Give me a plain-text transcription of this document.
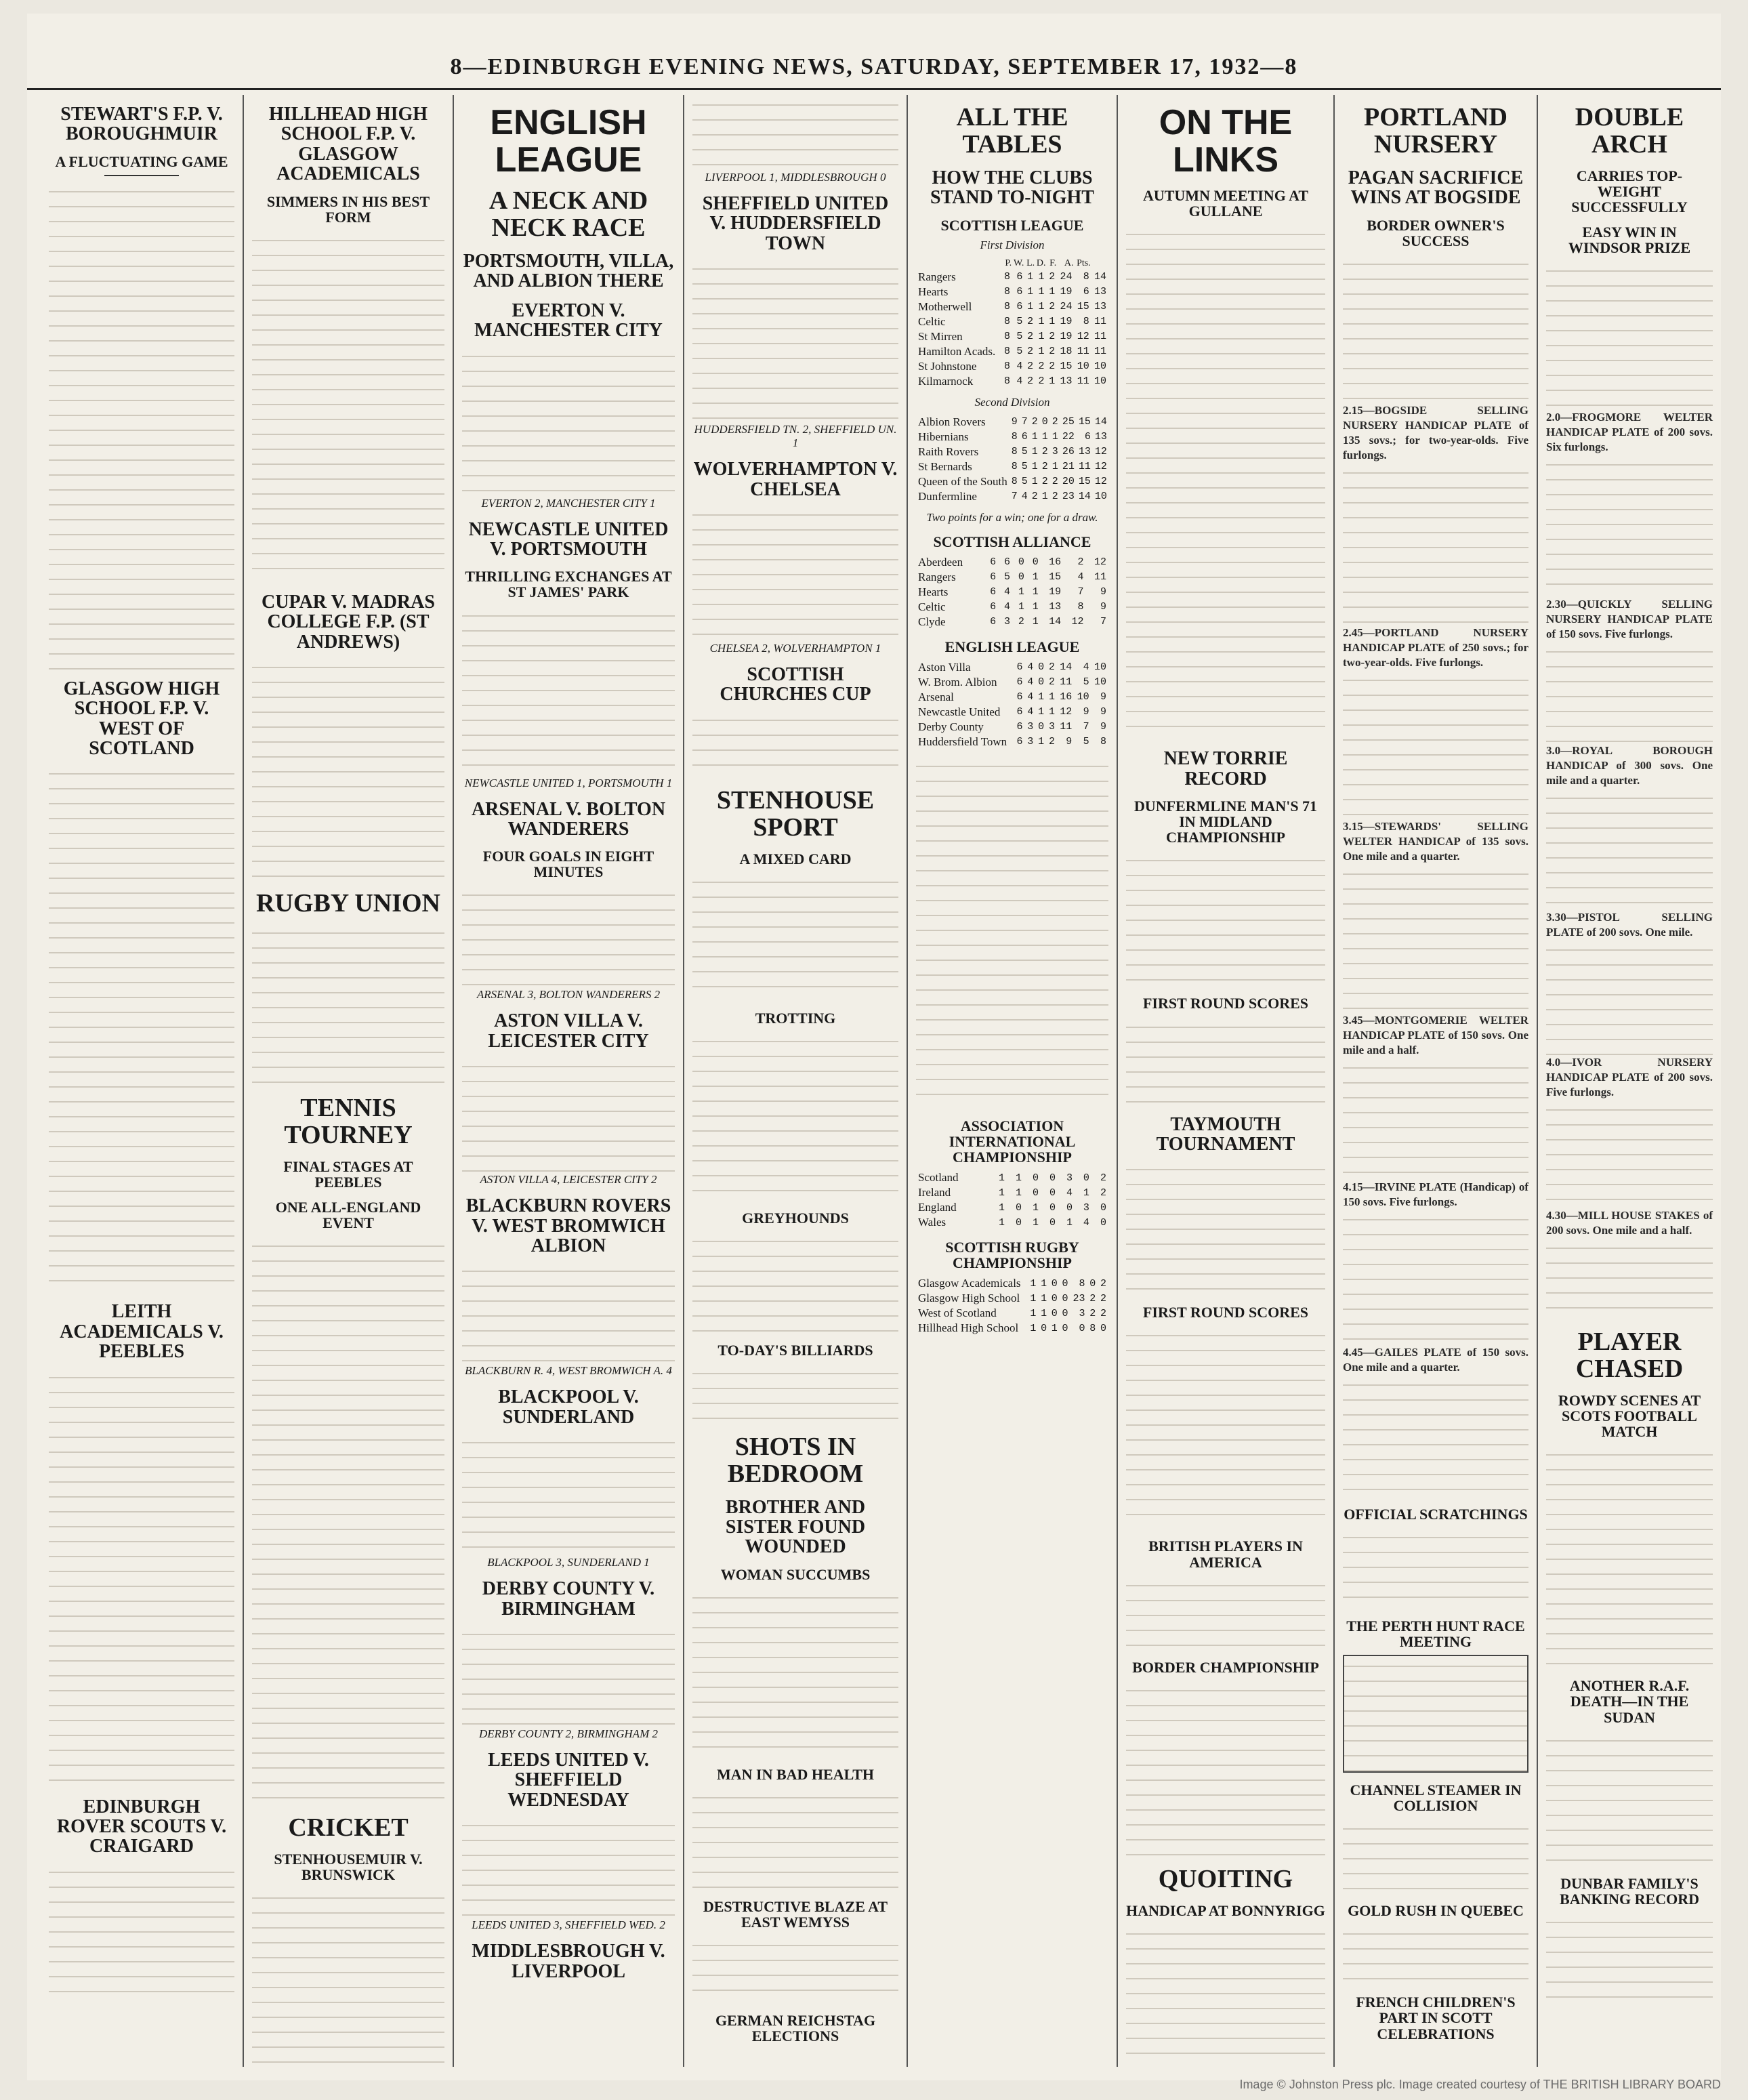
8—EDINBURGH EVENING NEWS, SATURDAY, SEPTEMBER 17, 1932—8
STEWART'S F.P. V. BOROUGHMUIR
A FLUCTUATING GAME
GLASGOW HIGH SCHOOL F.P. V. WEST OF SCOTLAND
LEITH ACADEMICALS V. PEEBLES
EDINBURGH ROVER SCOUTS V. CRAIGARD
HILLHEAD HIGH SCHOOL F.P. V. GLASGOW ACADEMICALS
SIMMERS IN HIS BEST FORM
CUPAR V. MADRAS COLLEGE F.P. (ST ANDREWS)
RUGBY UNION
TENNIS TOURNEY
FINAL STAGES AT PEEBLES
ONE ALL-ENGLAND EVENT
CRICKET
STENHOUSEMUIR V. BRUNSWICK
ENGLISH LEAGUE
A NECK AND NECK RACE
PORTSMOUTH, VILLA, AND ALBION THERE
EVERTON V. MANCHESTER CITY
EVERTON 2, MANCHESTER CITY 1
NEWCASTLE UNITED V. PORTSMOUTH
THRILLING EXCHANGES AT ST JAMES' PARK
NEWCASTLE UNITED 1, PORTSMOUTH 1
ARSENAL V. BOLTON WANDERERS
FOUR GOALS IN EIGHT MINUTES
ARSENAL 3, BOLTON WANDERERS 2
ASTON VILLA V. LEICESTER CITY
ASTON VILLA 4, LEICESTER CITY 2
BLACKBURN ROVERS V. WEST BROMWICH ALBION
BLACKBURN R. 4, WEST BROMWICH A. 4
BLACKPOOL V. SUNDERLAND
BLACKPOOL 3, SUNDERLAND 1
DERBY COUNTY V. BIRMINGHAM
DERBY COUNTY 2, BIRMINGHAM 2
LEEDS UNITED V. SHEFFIELD WEDNESDAY
LEEDS UNITED 3, SHEFFIELD WED. 2
MIDDLESBROUGH V. LIVERPOOL
LIVERPOOL 1, MIDDLESBROUGH 0
SHEFFIELD UNITED V. HUDDERSFIELD TOWN
HUDDERSFIELD TN. 2, SHEFFIELD UN. 1
WOLVERHAMPTON V. CHELSEA
CHELSEA 2, WOLVERHAMPTON 1
SCOTTISH CHURCHES CUP
STENHOUSE SPORT
A MIXED CARD
TROTTING
GREYHOUNDS
TO-DAY'S BILLIARDS
SHOTS IN BEDROOM
BROTHER AND SISTER FOUND WOUNDED
WOMAN SUCCUMBS
MAN IN BAD HEALTH
DESTRUCTIVE BLAZE AT EAST WEMYSS
GERMAN REICHSTAG ELECTIONS
ALL THE TABLES
HOW THE CLUBS STAND TO-NIGHT
SCOTTISH LEAGUE
First Division
	P.	W.	L.	D.	F.	A.	Pts.	
Rangers	8	6	1	1	2	24	8	14
Hearts	8	6	1	1	1	19	6	13
Motherwell	8	6	1	1	2	24	15	13
Celtic	8	5	2	1	1	19	8	11
St Mirren	8	5	2	1	2	19	12	11
Hamilton Acads.	8	5	2	1	2	18	11	11
St Johnstone	8	4	2	2	2	15	10	10
Kilmarnock	8	4	2	2	1	13	11	10
Second Division
Albion Rovers	9	7	2	0	2	25	15	14
Hibernians	8	6	1	1	1	22	6	13
Raith Rovers	8	5	1	2	3	26	13	12
St Bernards	8	5	1	2	1	21	11	12
Queen of the South	8	5	1	2	2	20	15	12
Dunfermline	7	4	2	1	2	23	14	10
Two points for a win; one for a draw.
SCOTTISH ALLIANCE
Aberdeen	6	6	0	0	16	2	12
Rangers	6	5	0	1	15	4	11
Hearts	6	4	1	1	19	7	9
Celtic	6	4	1	1	13	8	9
Clyde	6	3	2	1	14	12	7
ENGLISH LEAGUE
Aston Villa	6	4	0	2	14	4	10
W. Brom. Albion	6	4	0	2	11	5	10
Arsenal	6	4	1	1	16	10	9
Newcastle United	6	4	1	1	12	9	9
Derby County	6	3	0	3	11	7	9
Huddersfield Town	6	3	1	2	9	5	8
ASSOCIATION INTERNATIONAL CHAMPIONSHIP
Scotland	1	1	0	0	3	0	2
Ireland	1	1	0	0	4	1	2
England	1	0	1	0	0	3	0
Wales	1	0	1	0	1	4	0
SCOTTISH RUGBY CHAMPIONSHIP
Glasgow Academicals	1	1	0	0	8	0	2
Glasgow High School	1	1	0	0	23	2	2
West of Scotland	1	1	0	0	3	2	2
Hillhead High School	1	0	1	0	0	8	0
ON THE LINKS
AUTUMN MEETING AT GULLANE
NEW TORRIE RECORD
DUNFERMLINE MAN'S 71 IN MIDLAND CHAMPIONSHIP
FIRST ROUND SCORES
TAYMOUTH TOURNAMENT
FIRST ROUND SCORES
BRITISH PLAYERS IN AMERICA
BORDER CHAMPIONSHIP
QUOITING
HANDICAP AT BONNYRIGG
PORTLAND NURSERY
PAGAN SACRIFICE WINS AT BOGSIDE
BORDER OWNER'S SUCCESS
2.15—BOGSIDE SELLING NURSERY HANDICAP PLATE of 135 sovs.; for two-year-olds. Five furlongs.
2.45—PORTLAND NURSERY HANDICAP PLATE of 250 sovs.; for two-year-olds. Five furlongs.
3.15—STEWARDS' SELLING WELTER HANDICAP of 135 sovs. One mile and a quarter.
3.45—MONTGOMERIE WELTER HANDICAP PLATE of 150 sovs. One mile and a half.
4.15—IRVINE PLATE (Handicap) of 150 sovs. Five furlongs.
4.45—GAILES PLATE of 150 sovs. One mile and a quarter.
OFFICIAL SCRATCHINGS
THE PERTH HUNT RACE MEETING
CHANNEL STEAMER IN COLLISION
GOLD RUSH IN QUEBEC
FRENCH CHILDREN'S PART IN SCOTT CELEBRATIONS
DOUBLE ARCH
CARRIES TOP-WEIGHT SUCCESSFULLY
EASY WIN IN WINDSOR PRIZE
2.0—FROGMORE WELTER HANDICAP PLATE of 200 sovs. Six furlongs.
2.30—QUICKLY SELLING NURSERY HANDICAP PLATE of 150 sovs. Five furlongs.
3.0—ROYAL BOROUGH HANDICAP of 300 sovs. One mile and a quarter.
3.30—PISTOL SELLING PLATE of 200 sovs. One mile.
4.0—IVOR NURSERY HANDICAP PLATE of 200 sovs. Five furlongs.
4.30—MILL HOUSE STAKES of 200 sovs. One mile and a half.
PLAYER CHASED
ROWDY SCENES AT SCOTS FOOTBALL MATCH
ANOTHER R.A.F. DEATH—IN THE SUDAN
DUNBAR FAMILY'S BANKING RECORD
Image © Johnston Press plc. Image created courtesy of THE BRITISH LIBRARY BOARD
